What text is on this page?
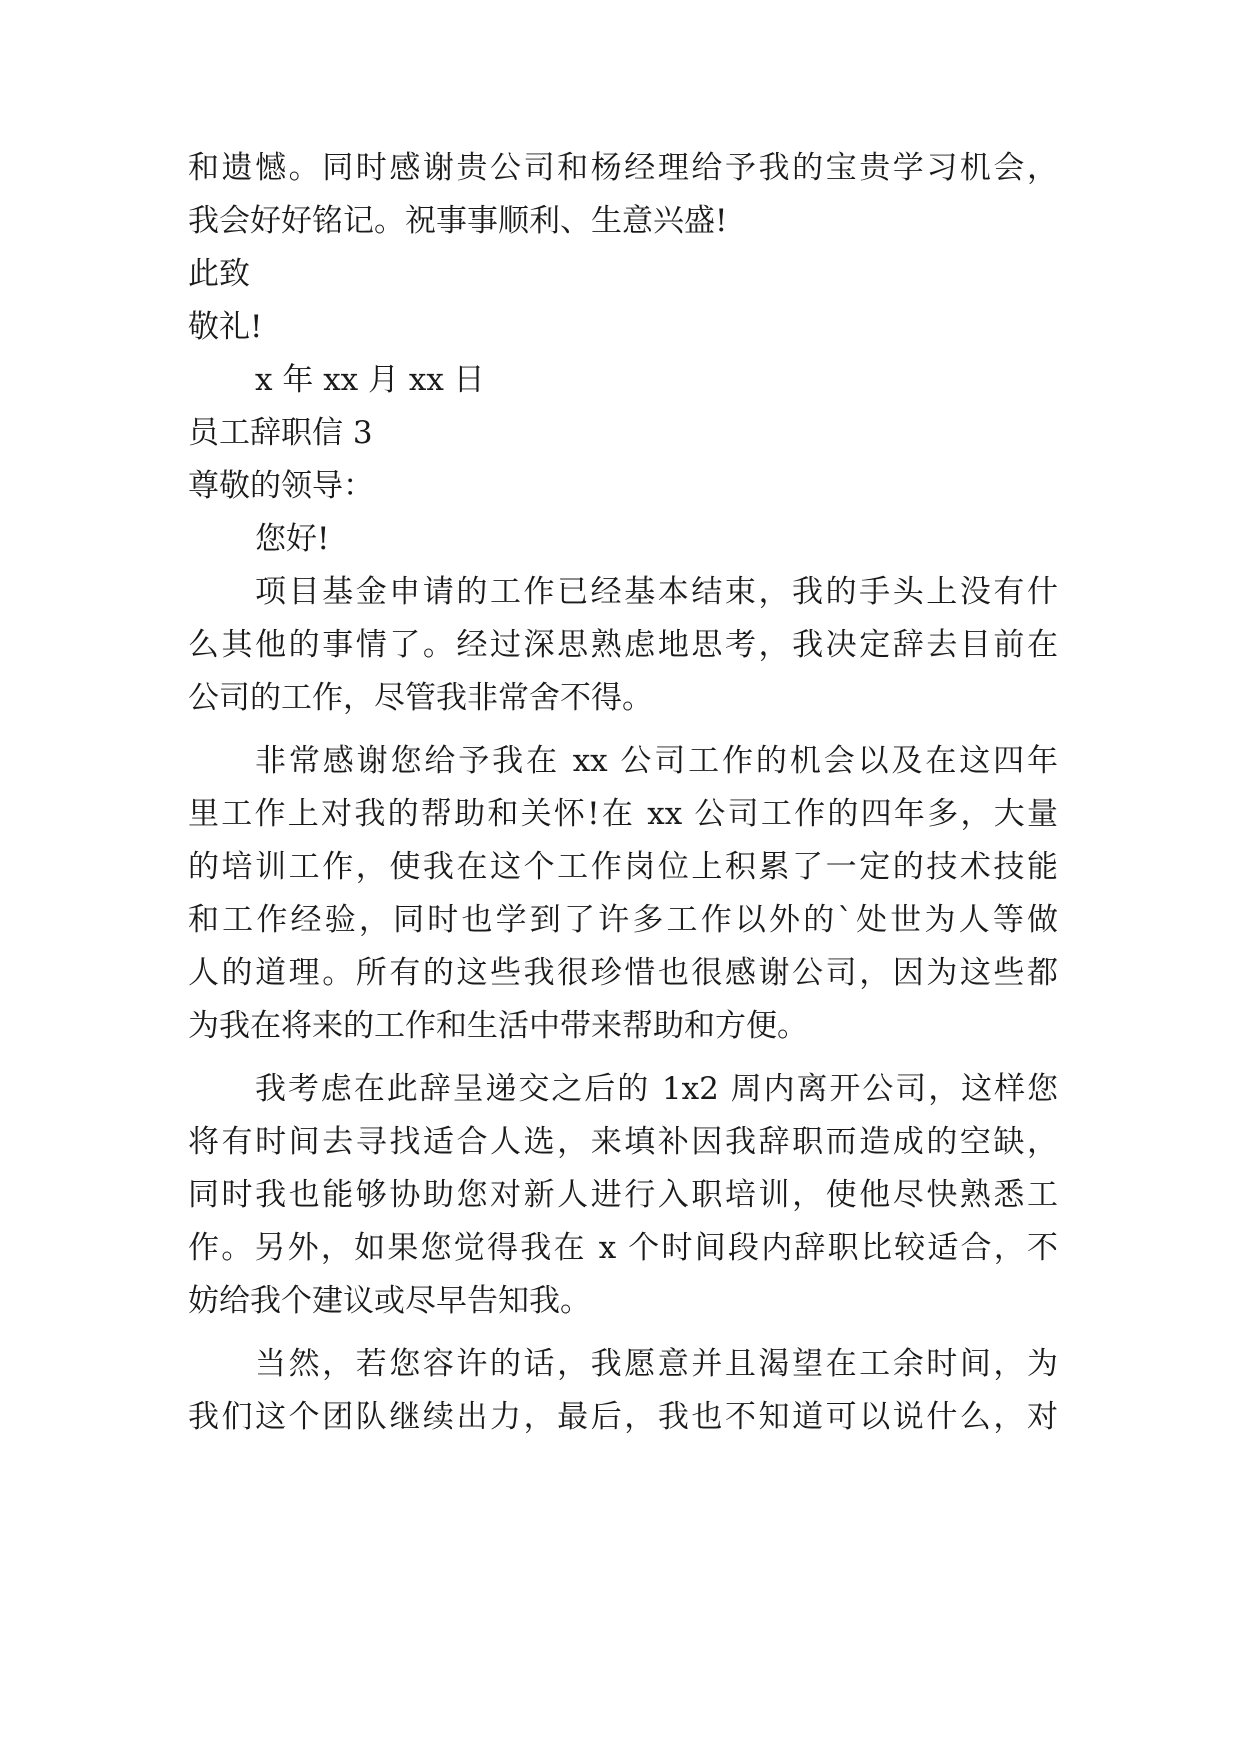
和遗憾。同时感谢贵公司和杨经理给予我的宝贵学习机会，

我会好好铭记。祝事事顺利、生意兴盛!

此致

敬礼!

x 年 xx 月 xx 日

员工辞职信 3

尊敬的领导：

您好!

项目基金申请的工作已经基本结束，我的手头上没有什

么其他的事情了。经过深思熟虑地思考，我决定辞去目前在

公司的工作，尽管我非常舍不得。

非常感谢您给予我在 xx 公司工作的机会以及在这四年

里工作上对我的帮助和关怀!在 xx 公司工作的四年多，大量

的培训工作，使我在这个工作岗位上积累了一定的技术技能

和工作经验，同时也学到了许多工作以外的`处世为人等做

人的道理。所有的这些我很珍惜也很感谢公司，因为这些都

为我在将来的工作和生活中带来帮助和方便。

我考虑在此辞呈递交之后的 1x2 周内离开公司，这样您

将有时间去寻找适合人选，来填补因我辞职而造成的空缺，

同时我也能够协助您对新人进行入职培训，使他尽快熟悉工

作。另外，如果您觉得我在 x 个时间段内辞职比较适合，不

妨给我个建议或尽早告知我。

当然，若您容许的话，我愿意并且渴望在工余时间，为

我们这个团队继续出力，最后，我也不知道可以说什么，对
